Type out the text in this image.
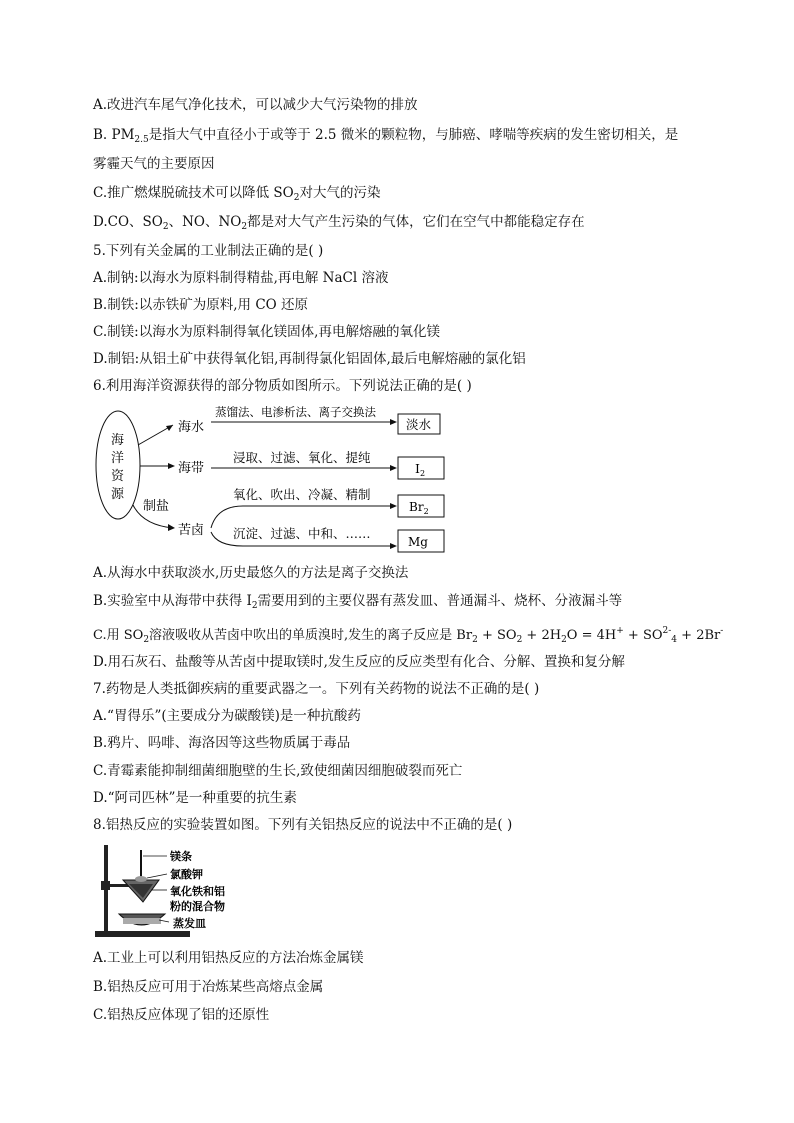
A.改进汽车尾气净化技术，可以减少大气污染物的排放
B. $PM_{2.5}$是指大气中直径小于或等于 2.5 微米的颗粒物，与肺癌、哮喘等疾病的发生密切相关，是
雾霾天气的主要原因
C.推广燃煤脱硫技术可以降低 $SO_2$对大气的污染
D.CO、$SO_2$、NO、$NO_2$都是对大气产生污染的气体，它们在空气中都能稳定存在
5.下列有关金属的工业制法正确的是( )
A.制钠:以海水为原料制得精盐,再电解 NaCl 溶液
B.制铁:以赤铁矿为原料,用 CO 还原
C.制镁:以海水为原料制得氧化镁固体,再电解熔融的氧化镁
D.制铝:从铝土矿中获得氧化铝,再制得氯化铝固体,最后电解熔融的氯化铝
6.利用海洋资源获得的部分物质如图所示。下列说法正确的是( )
海
洋
资
源
制盐
海水
海带
苦卤
蒸馏法、电渗析法、离子交换法
淡水
浸取、过滤、氧化、提纯
$I_2$
氧化、吹出、冷凝、精制
$Br_2$
沉淀、过滤、中和、……
Mg
A.从海水中获取淡水,历史最悠久的方法是离子交换法
B.实验室中从海带中获得 $I_2$需要用到的主要仪器有蒸发皿、普通漏斗、烧杯、分液漏斗等
C.用 $SO_2$溶液吸收从苦卤中吹出的单质溴时,发生的离子反应是 $Br_2 + SO_2 + 2H_2O = 4H^+ + SO^{2-}_4 + 2Br^-$
D.用石灰石、盐酸等从苦卤中提取镁时,发生反应的反应类型有化合、分解、置换和复分解
7.药物是人类抵御疾病的重要武器之一。下列有关药物的说法不正确的是( )
A.“胃得乐”(主要成分为碳酸镁)是一种抗酸药
B.鸦片、吗啡、海洛因等这些物质属于毒品
C.青霉素能抑制细菌细胞壁的生长,致使细菌因细胞破裂而死亡
D.“阿司匹林”是一种重要的抗生素
8.铝热反应的实验装置如图。下列有关铝热反应的说法中不正确的是( )
镁条
氯酸钾
氧化铁和铝
粉的混合物
蒸发皿
A.工业上可以利用铝热反应的方法冶炼金属镁
B.铝热反应可用于冶炼某些高熔点金属
C.铝热反应体现了铝的还原性
